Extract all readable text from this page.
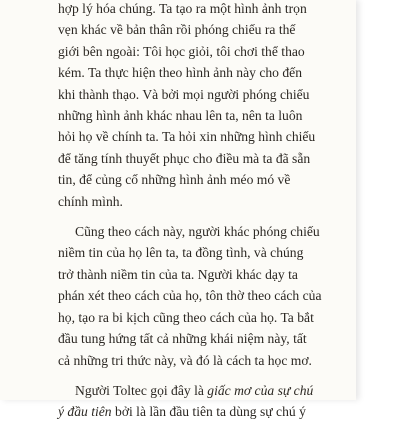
hợp lý hóa chúng. Ta tạo ra một hình ảnh trọn
vẹn khác về bản thân rồi phóng chiếu ra thế
giới bên ngoài: Tôi học giỏi, tôi chơi thể thao
kém. Ta thực hiện theo hình ảnh này cho đến
khi thành thạo. Và bởi mọi người phóng chiếu
những hình ảnh khác nhau lên ta, nên ta luôn
hỏi họ về chính ta. Ta hỏi xin những hình chiếu
để tăng tính thuyết phục cho điều mà ta đã sẵn
tin, để củng cố những hình ảnh méo mó về
chính mình.

Cũng theo cách này, người khác phóng chiếu
niềm tin của họ lên ta, ta đồng tình, và chúng
trở thành niềm tin của ta. Người khác dạy ta
phán xét theo cách của họ, tôn thờ theo cách của
họ, tạo ra bi kịch cũng theo cách của họ. Ta bắt
đầu tung hứng tất cả những khái niệm này, tất
cả những tri thức này, và đó là cách ta học mơ.

Người Toltec gọi đây là giấc mơ của sự chú
ý đầu tiên bởi là lần đầu tiên ta dùng sự chú ý
